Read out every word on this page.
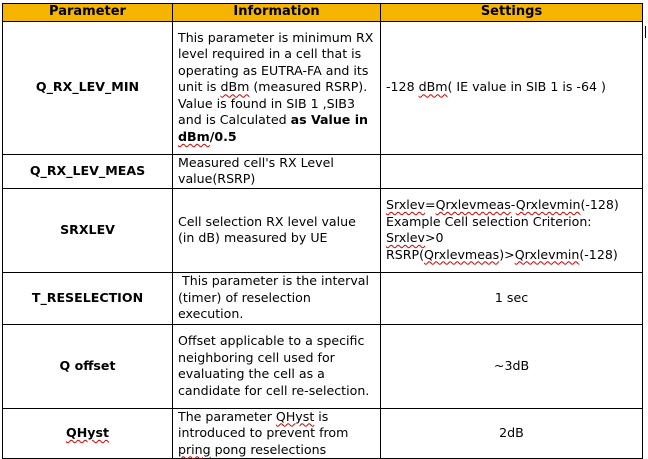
Parameter	Information	Settings
Q_RX_LEV_MIN	This parameter is minimum RX level required in a cell that is operating as EUTRA-FA and its unit is dBm (measured RSRP). Value is found in SIB 1 ,SIB3 and is Calculated as Value in dBm/0.5	-128 dBm( IE value in SIB 1 is -64 )
Q_RX_LEV_MEAS	Measured cell's RX Level value(RSRP)	
SRXLEV	Cell selection RX level value (in dB) measured by UE	Srxlev=Qrxlevmeas-Qrxlevmin(-128) Example Cell selection Criterion:
Srxlev>0
RSRP(Qrxlevmeas)>Qrxlevmin(-128)
T_RESELECTION	This parameter is the interval (timer) of reselection execution.	1 sec
Q offset	Offset applicable to a specific neighboring cell used for evaluating the cell as a candidate for cell re-selection.	~3dB
QHyst	The parameter QHyst is introduced to prevent from pring pong reselections	2dB
